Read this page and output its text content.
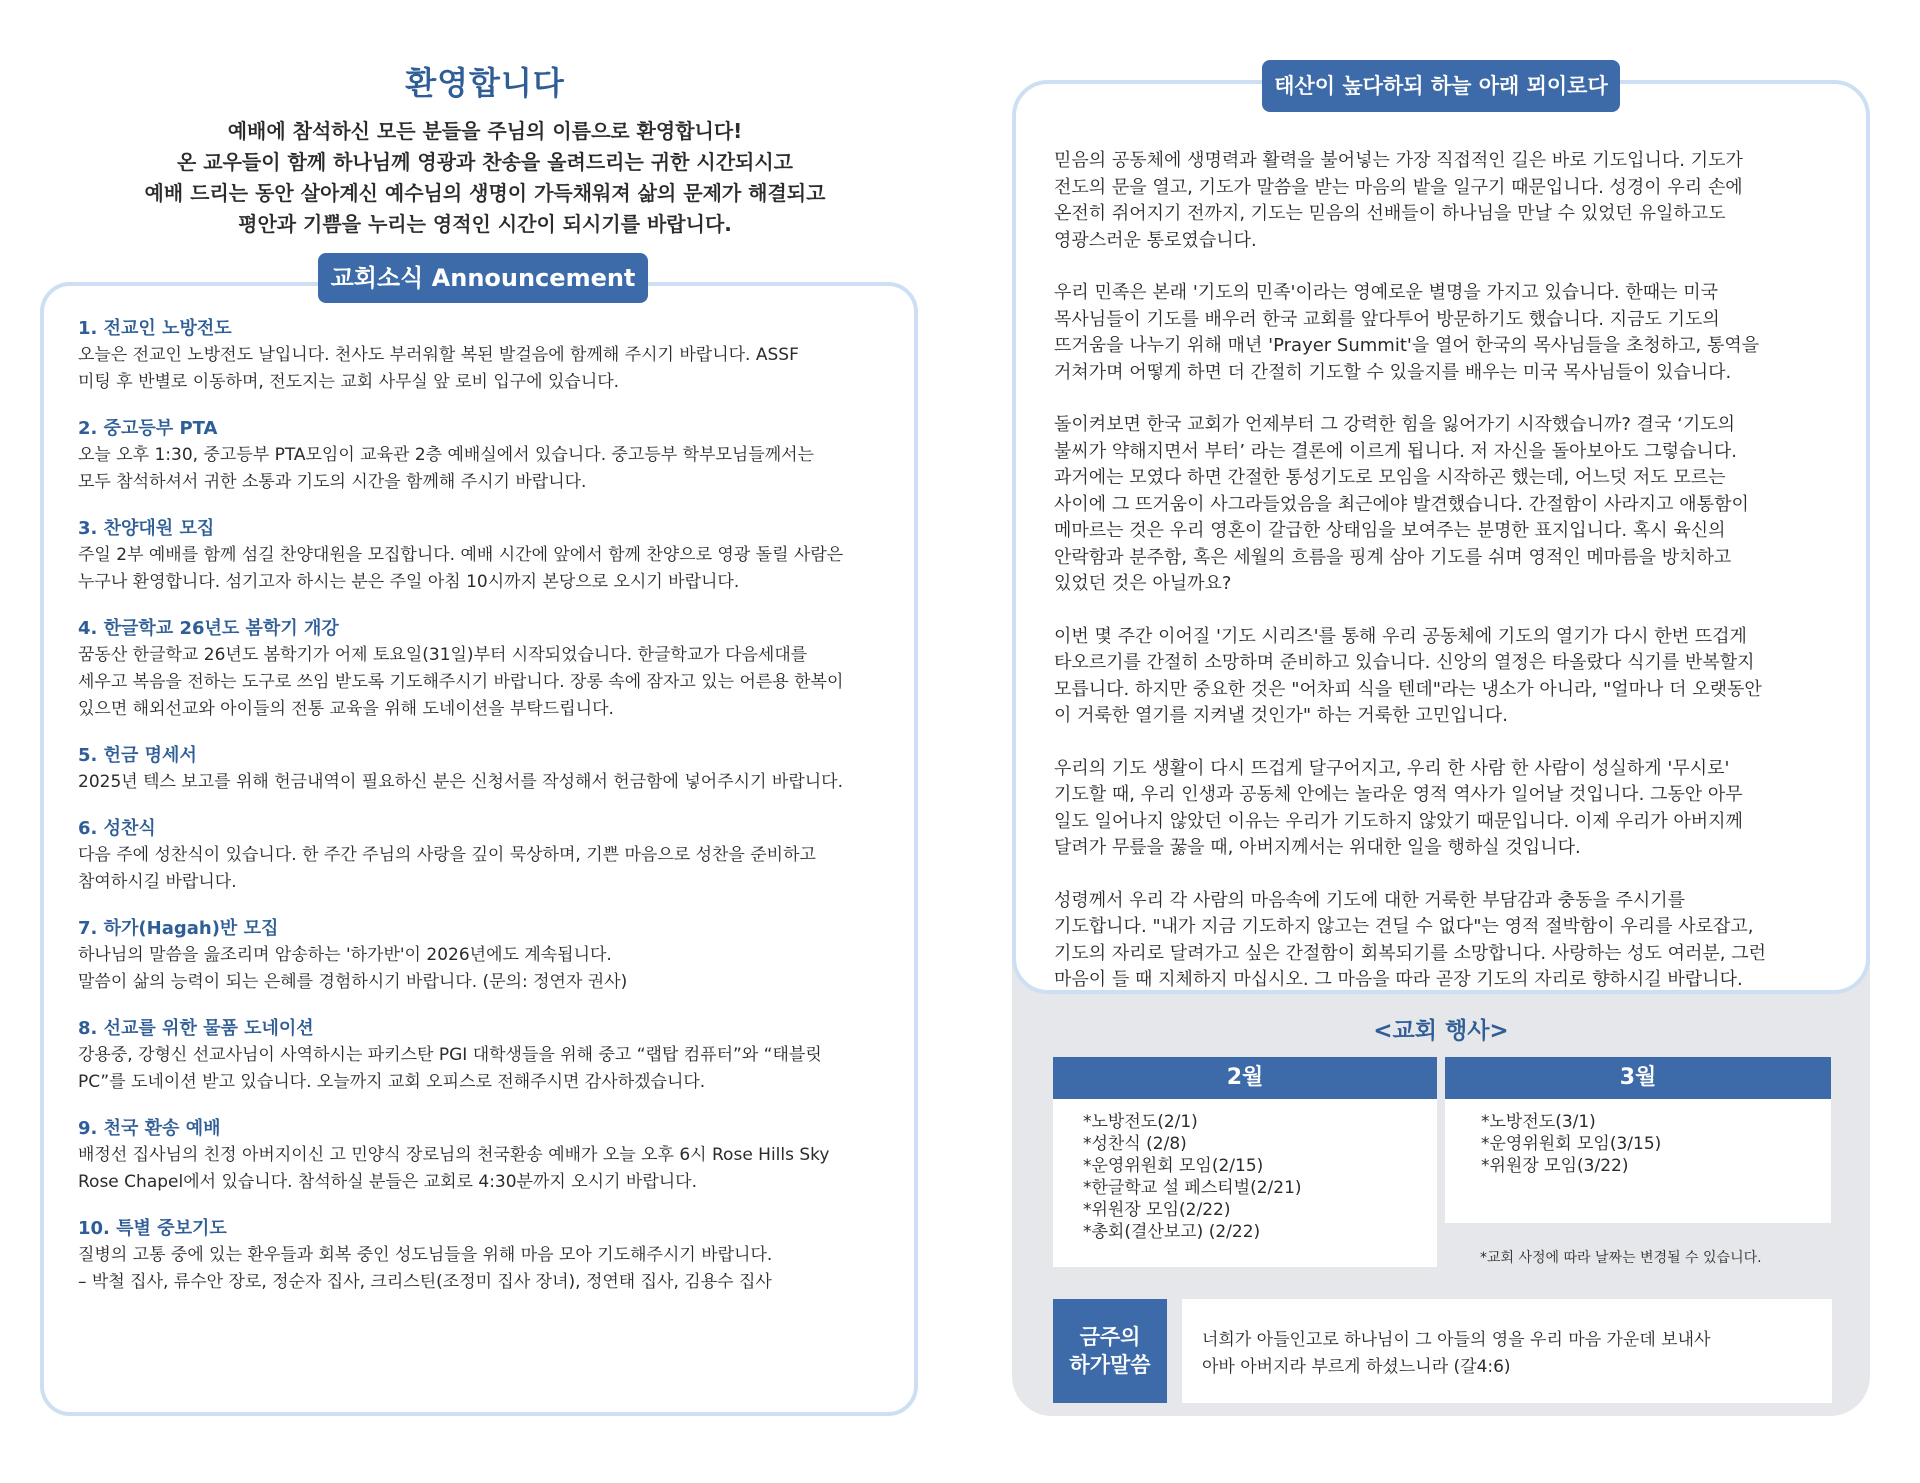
환영합니다
예배에 참석하신 모든 분들을 주님의 이름으로 환영합니다!
온 교우들이 함께 하나님께 영광과 찬송을 올려드리는 귀한 시간되시고
예배 드리는 동안 살아계신 예수님의 생명이 가득채워져 삶의 문제가 해결되고
평안과 기쁨을 누리는 영적인 시간이 되시기를 바랍니다.
교회소식 Announcement
1. 전교인 노방전도
오늘은 전교인 노방전도 날입니다. 천사도 부러워할 복된 발걸음에 함께해 주시기 바랍니다. ASSF
미팅 후 반별로 이동하며, 전도지는 교회 사무실 앞 로비 입구에 있습니다.
2. 중고등부 PTA
오늘 오후 1:30, 중고등부 PTA모임이 교육관 2층 예배실에서 있습니다. 중고등부 학부모님들께서는
모두 참석하셔서 귀한 소통과 기도의 시간을 함께해 주시기 바랍니다.
3. 찬양대원 모집
주일 2부 예배를 함께 섬길 찬양대원을 모집합니다. 예배 시간에 앞에서 함께 찬양으로 영광 돌릴 사람은
누구나 환영합니다. 섬기고자 하시는 분은 주일 아침 10시까지 본당으로 오시기 바랍니다.
4. 한글학교 26년도 봄학기 개강
꿈동산 한글학교 26년도 봄학기가 어제 토요일(31일)부터 시작되었습니다. 한글학교가 다음세대를
세우고 복음을 전하는 도구로 쓰임 받도록 기도해주시기 바랍니다. 장롱 속에 잠자고 있는 어른용 한복이
있으면 해외선교와 아이들의 전통 교육을 위해 도네이션을 부탁드립니다.
5. 헌금 명세서
2025년 텍스 보고를 위해 헌금내역이 필요하신 분은 신청서를 작성해서 헌금함에 넣어주시기 바랍니다.
6. 성찬식
다음 주에 성찬식이 있습니다. 한 주간 주님의 사랑을 깊이 묵상하며, 기쁜 마음으로 성찬을 준비하고
참여하시길 바랍니다.
7. 하가(Hagah)반 모집
하나님의 말씀을 읊조리며 암송하는 '하가반'이 2026년에도 계속됩니다.
말씀이 삶의 능력이 되는 은혜를 경험하시기 바랍니다. (문의: 정연자 권사)
8. 선교를 위한 물품 도네이션
강용중, 강형신 선교사님이 사역하시는 파키스탄 PGI 대학생들을 위해 중고 “랩탑 컴퓨터”와 “태블릿
PC”를 도네이션 받고 있습니다. 오늘까지 교회 오피스로 전해주시면 감사하겠습니다.
9. 천국 환송 예배
배정선 집사님의 친정 아버지이신 고 민양식 장로님의 천국환송 예배가 오늘 오후 6시 Rose Hills Sky
Rose Chapel에서 있습니다. 참석하실 분들은 교회로 4:30분까지 오시기 바랍니다.
10. 특별 중보기도
질병의 고통 중에 있는 환우들과 회복 중인 성도님들을 위해 마음 모아 기도해주시기 바랍니다.
– 박철 집사, 류수안 장로, 정순자 집사, 크리스틴(조정미 집사 장녀), 정연태 집사, 김용수 집사
태산이 높다하되 하늘 아래 뫼이로다
믿음의 공동체에 생명력과 활력을 불어넣는 가장 직접적인 길은 바로 기도입니다. 기도가
전도의 문을 열고, 기도가 말씀을 받는 마음의 밭을 일구기 때문입니다. 성경이 우리 손에
온전히 쥐어지기 전까지, 기도는 믿음의 선배들이 하나님을 만날 수 있었던 유일하고도
영광스러운 통로였습니다.
우리 민족은 본래 '기도의 민족'이라는 영예로운 별명을 가지고 있습니다. 한때는 미국
목사님들이 기도를 배우러 한국 교회를 앞다투어 방문하기도 했습니다. 지금도 기도의
뜨거움을 나누기 위해 매년 'Prayer Summit'을 열어 한국의 목사님들을 초청하고, 통역을
거쳐가며 어떻게 하면 더 간절히 기도할 수 있을지를 배우는 미국 목사님들이 있습니다.
돌이켜보면 한국 교회가 언제부터 그 강력한 힘을 잃어가기 시작했습니까? 결국 ‘기도의
불씨가 약해지면서 부터’ 라는 결론에 이르게 됩니다. 저 자신을 돌아보아도 그렇습니다.
과거에는 모였다 하면 간절한 통성기도로 모임을 시작하곤 했는데, 어느덧 저도 모르는
사이에 그 뜨거움이 사그라들었음을 최근에야 발견했습니다. 간절함이 사라지고 애통함이
메마르는 것은 우리 영혼이 갈급한 상태임을 보여주는 분명한 표지입니다. 혹시 육신의
안락함과 분주함, 혹은 세월의 흐름을 핑계 삼아 기도를 쉬며 영적인 메마름을 방치하고
있었던 것은 아닐까요?
이번 몇 주간 이어질 '기도 시리즈'를 통해 우리 공동체에 기도의 열기가 다시 한번 뜨겁게
타오르기를 간절히 소망하며 준비하고 있습니다. 신앙의 열정은 타올랐다 식기를 반복할지
모릅니다. 하지만 중요한 것은 "어차피 식을 텐데"라는 냉소가 아니라, "얼마나 더 오랫동안
이 거룩한 열기를 지켜낼 것인가" 하는 거룩한 고민입니다.
우리의 기도 생활이 다시 뜨겁게 달구어지고, 우리 한 사람 한 사람이 성실하게 '무시로'
기도할 때, 우리 인생과 공동체 안에는 놀라운 영적 역사가 일어날 것입니다. 그동안 아무
일도 일어나지 않았던 이유는 우리가 기도하지 않았기 때문입니다. 이제 우리가 아버지께
달려가 무릎을 꿇을 때, 아버지께서는 위대한 일을 행하실 것입니다.
성령께서 우리 각 사람의 마음속에 기도에 대한 거룩한 부담감과 충동을 주시기를
기도합니다. "내가 지금 기도하지 않고는 견딜 수 없다"는 영적 절박함이 우리를 사로잡고,
기도의 자리로 달려가고 싶은 간절함이 회복되기를 소망합니다. 사랑하는 성도 여러분, 그런
마음이 들 때 지체하지 마십시오. 그 마음을 따라 곧장 기도의 자리로 향하시길 바랍니다.
<교회 행사>
2월	3월
*노방전도(2/1)
*성찬식 (2/8)
*운영위원회 모임(2/15)
*한글학교 설 페스티벌(2/21)
*위원장 모임(2/22)
*총회(결산보고) (2/22)
*노방전도(3/1)
*운영위원회 모임(3/15)
*위원장 모임(3/22)
*교회 사정에 따라 날짜는 변경될 수 있습니다.
금주의
하가말씀
너희가 아들인고로 하나님이 그 아들의 영을 우리 마음 가운데 보내사
아바 아버지라 부르게 하셨느니라 (갈4:6)
